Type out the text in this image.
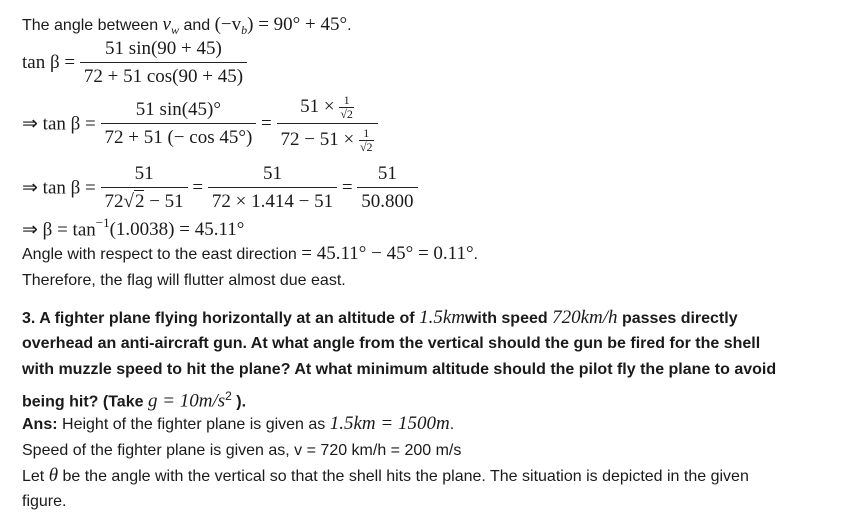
The angle between $v_w$ and $(-v_b) = 90^\circ + 45^\circ$.
$\tan \beta = \frac{51 \sin(90 + 45)}{72 + 51 \cos(90 + 45)}$
⇒ $\tan \beta = \frac{51 \sin(45)^\circ}{72 + 51 (- \cos 45^\circ)} = \frac{51 \times \frac{1}{√2}}{72 - 51 \times \frac{1}{√2}}$
⇒ $\tan \beta = \frac{51}{72√2 - 51} = \frac{51}{72 \times 1.414 - 51} = \frac{51}{50.800}$
⇒ $\beta = \tan^{-1}(1.0038) = 45.11^\circ$
Angle with respect to the east direction = 45.11° − 45° = 0.11°.
Therefore, the flag will flutter almost due east.
3. A fighter plane flying horizontally at an altitude of 1.5kmwith speed 720km/h passes directly
overhead an anti-aircraft gun. At what angle from the vertical should the gun be fired for the shell
with muzzle speed to hit the plane? At what minimum altitude should the pilot fly the plane to avoid
being hit? (Take $g = 10m/s^2$ ).
Ans: Height of the fighter plane is given as 1.5km = 1500m.
Speed of the fighter plane is given as, v = 720 km/h = 200 m/s
Let θ be the angle with the vertical so that the shell hits the plane. The situation is depicted in the given
figure.
